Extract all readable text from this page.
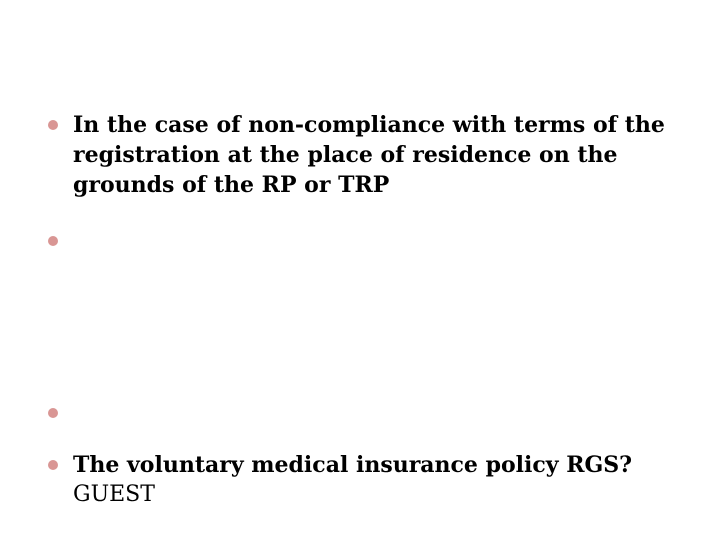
In the case of non-compliance with terms of the
registration at the place of residence on the
grounds of the RP or TRP
The voluntary medical insurance policy RGS?
GUEST
